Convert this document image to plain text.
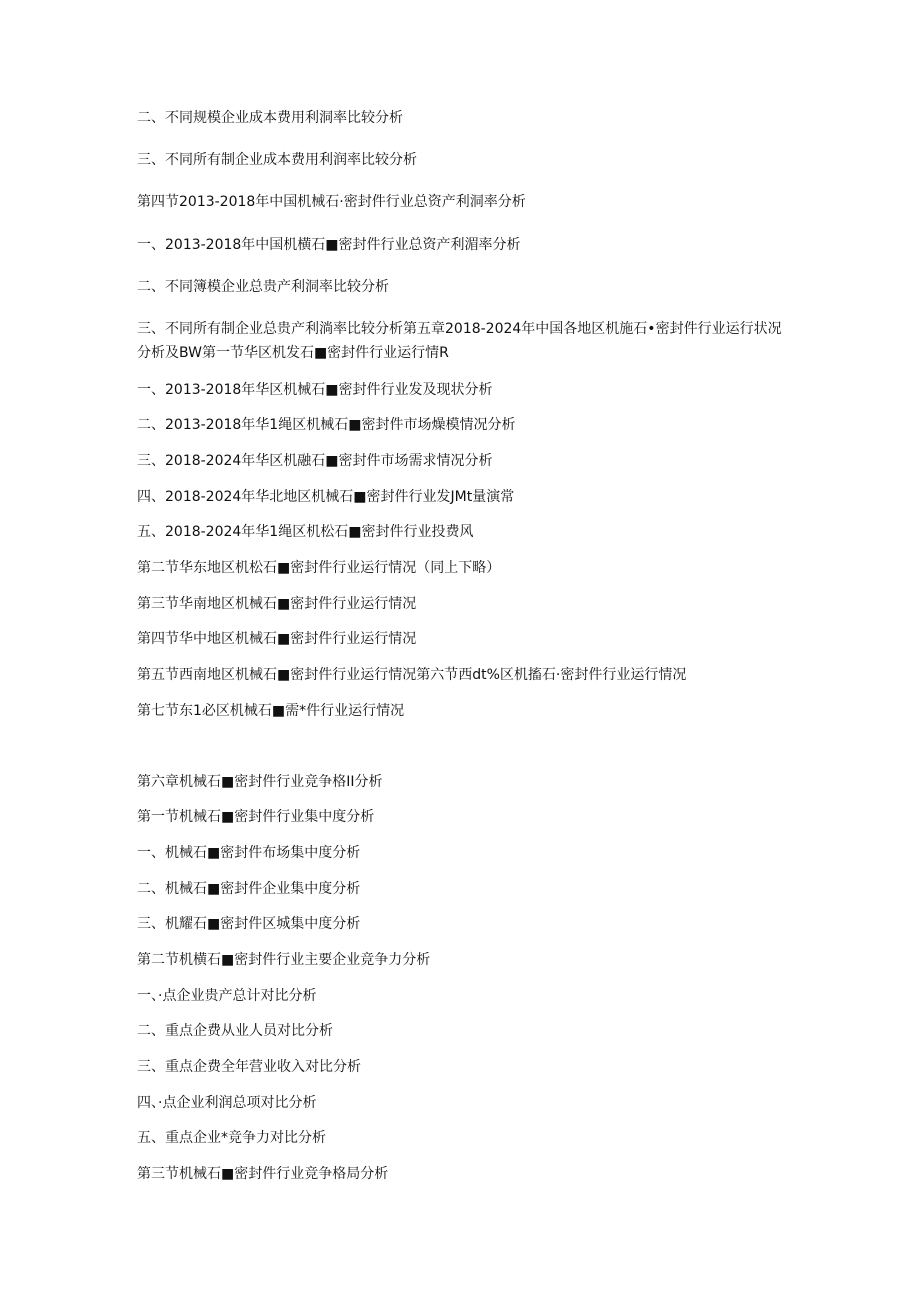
二、不同规模企业成本费用利洞率比较分析
三、不同所有制企业成本费用利润率比较分析
第四节2013-2018年中国机械石·密封件行业总资产利洞率分析
一、2013-2018年中国机横石■密封件行业总资产利湄率分析
二、不同簿模企业总贵产利洞率比较分析
三、不同所有制企业总贵产利淌率比较分析第五章2018-2024年中国各地区机施石•密封件行业运行状况分析及BW第一节华区机发石■密封件行业运行情R
一、2013-2018年华区机械石■密封件行业发及现状分析
二、2013-2018年华1绳区机械石■密封件市场燥模情况分析
三、2018-2024年华区机融石■密封件市场需求情况分析
四、2018-2024年华北地区机械石■密封件行业发JMt量演常
五、2018-2024年华1绳区机松石■密封件行业投费风
第二节华东地区机松石■密封件行业运行情况（同上下略）
第三节华南地区机械石■密封件行业运行情况
第四节华中地区机械石■密封件行业运行情况
第五节西南地区机械石■密封件行业运行情况第六节西dt%区机搐石·密封件行业运行情况
第七节东1必区机械石■需*件行业运行情况
第六章机械石■密封件行业竞争格II分析
第一节机械石■密封件行业集中度分析
一、机械石■密封件布场集中度分析
二、机械石■密封件企业集中度分析
三、机耀石■密封件区城集中度分析
第二节机横石■密封件行业主要企业竞争力分析
一、·点企业贵产总计对比分析
二、重点企费从业人员对比分析
三、重点企费全年营业收入对比分析
四、·点企业利润总项对比分析
五、重点企业*竞争力对比分析
第三节机械石■密封件行业竞争格局分析
